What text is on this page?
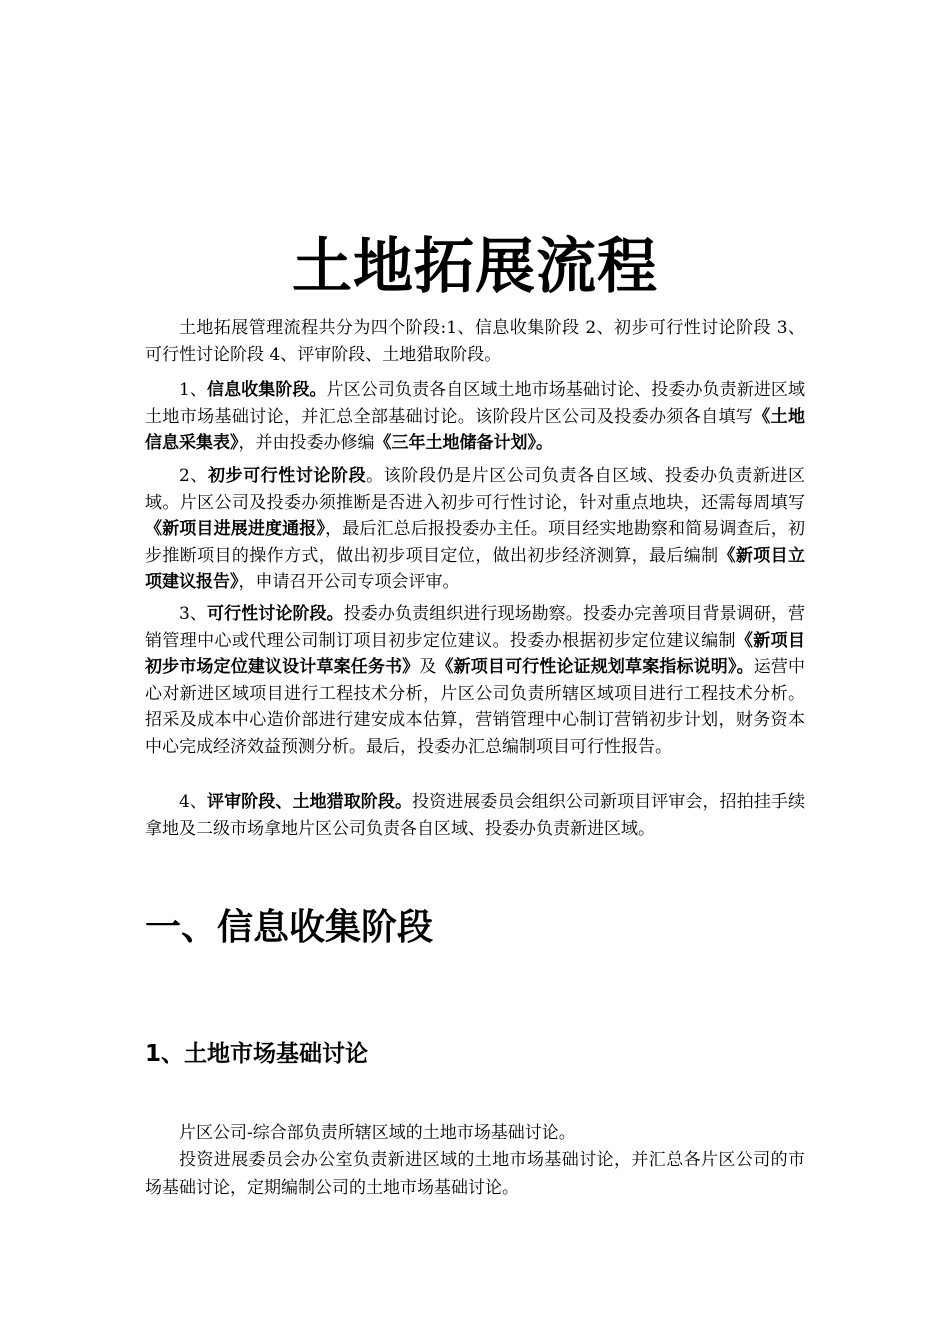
土地拓展流程

土地拓展管理流程共分为四个阶段:1、信息收集阶段 2、初步可行性讨论阶段 3、可行性讨论阶段 4、评审阶段、土地猎取阶段。

1、信息收集阶段。片区公司负责各自区域土地市场基础讨论、投委办负责新进区域土地市场基础讨论，并汇总全部基础讨论。该阶段片区公司及投委办须各自填写《土地信息采集表》，并由投委办修编《三年土地储备计划》。

2、初步可行性讨论阶段。该阶段仍是片区公司负责各自区域、投委办负责新进区域。片区公司及投委办须推断是否进入初步可行性讨论，针对重点地块，还需每周填写《新项目进展进度通报》，最后汇总后报投委办主任。项目经实地勘察和简易调查后，初步推断项目的操作方式，做出初步项目定位，做出初步经济测算，最后编制《新项目立项建议报告》，申请召开公司专项会评审。

3、可行性讨论阶段。投委办负责组织进行现场勘察。投委办完善项目背景调研，营销管理中心或代理公司制订项目初步定位建议。投委办根据初步定位建议编制《新项目初步市场定位建议设计草案任务书》及《新项目可行性论证规划草案指标说明》。运营中心对新进区域项目进行工程技术分析，片区公司负责所辖区域项目进行工程技术分析。招采及成本中心造价部进行建安成本估算，营销管理中心制订营销初步计划，财务资本中心完成经济效益预测分析。最后，投委办汇总编制项目可行性报告。

4、评审阶段、土地猎取阶段。投资进展委员会组织公司新项目评审会，招拍挂手续拿地及二级市场拿地片区公司负责各自区域、投委办负责新进区域。

一、信息收集阶段
1、土地市场基础讨论

片区公司-综合部负责所辖区域的土地市场基础讨论。

投资进展委员会办公室负责新进区域的土地市场基础讨论，并汇总各片区公司的市场基础讨论，定期编制公司的土地市场基础讨论。
